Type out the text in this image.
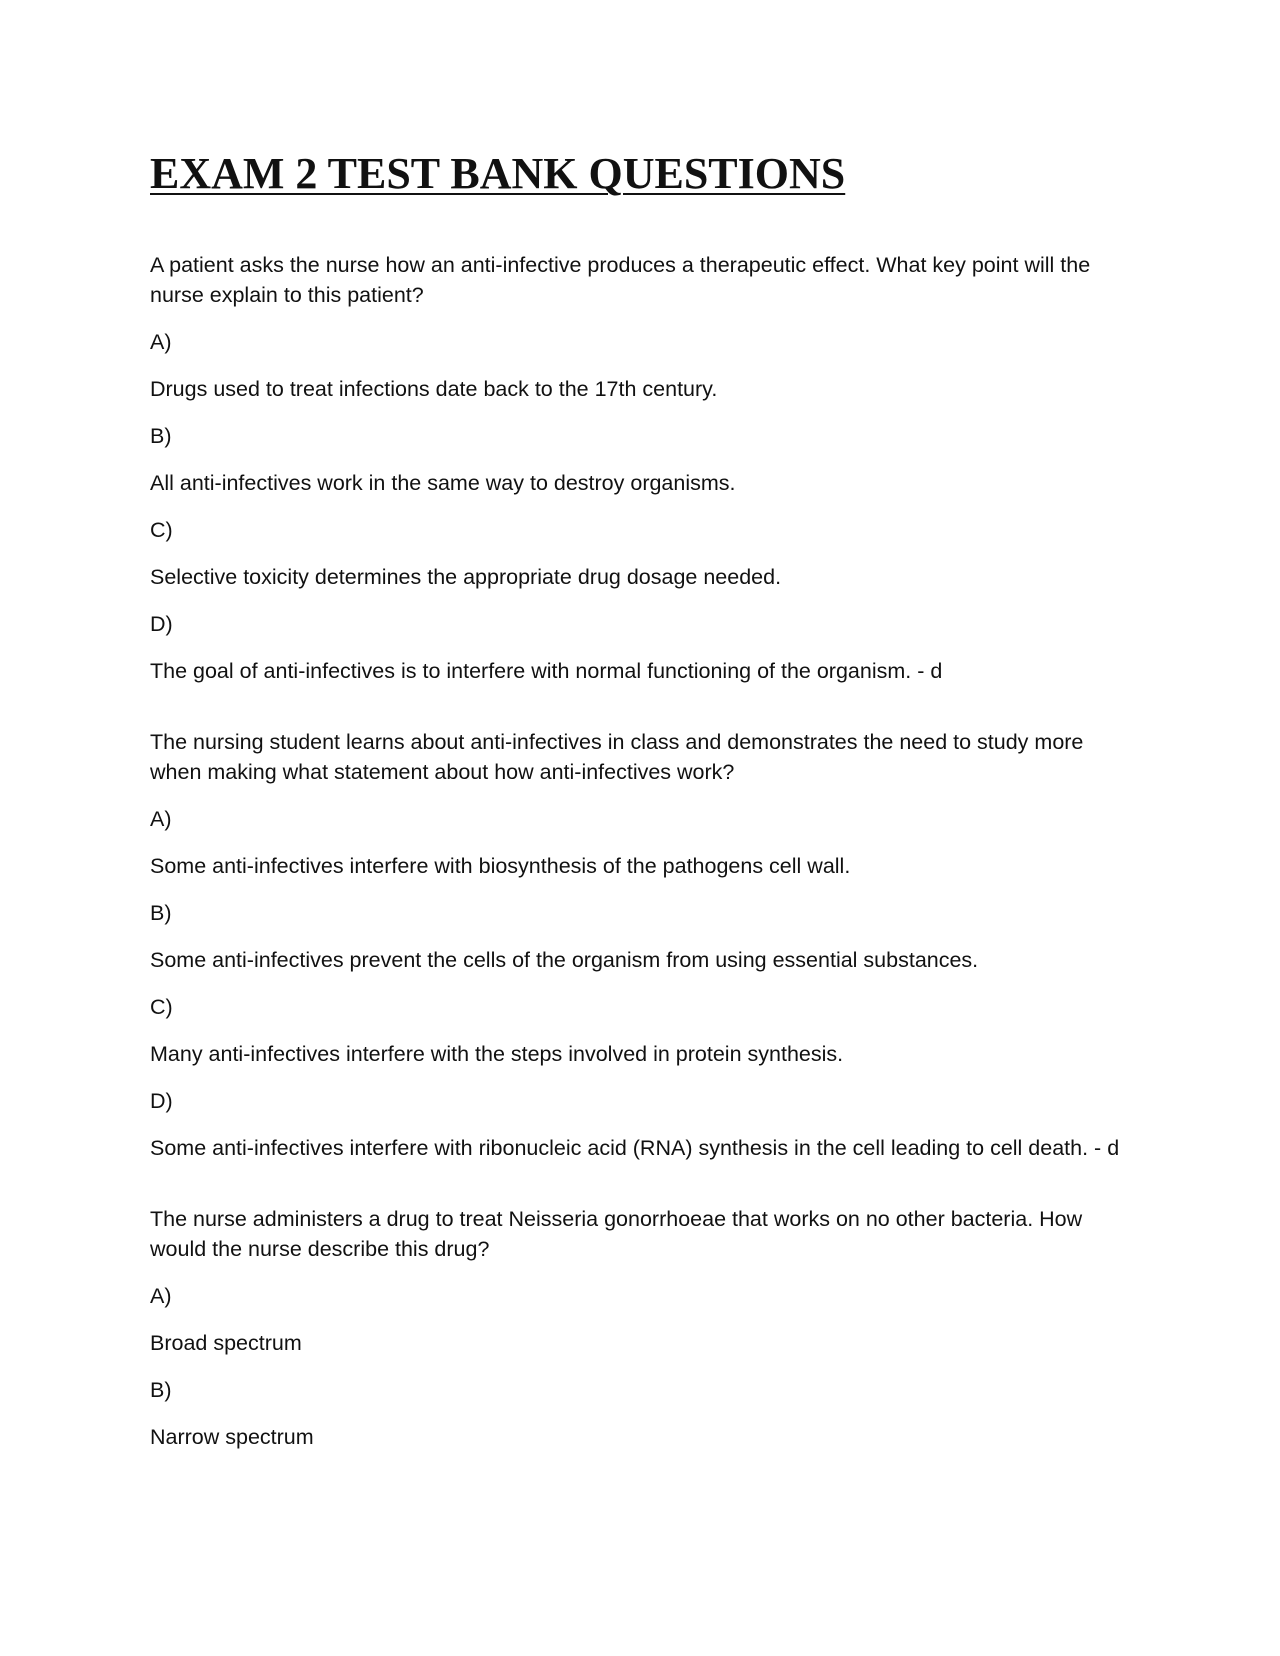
EXAM 2 TEST BANK QUESTIONS

A patient asks the nurse how an anti-infective produces a therapeutic effect. What key point will the nurse explain to this patient?

A)

Drugs used to treat infections date back to the 17th century.

B)

All anti-infectives work in the same way to destroy organisms.

C)

Selective toxicity determines the appropriate drug dosage needed.

D)

The goal of anti-infectives is to interfere with normal functioning of the organism. - d

The nursing student learns about anti-infectives in class and demonstrates the need to study more when making what statement about how anti-infectives work?

A)

Some anti-infectives interfere with biosynthesis of the pathogens cell wall.

B)

Some anti-infectives prevent the cells of the organism from using essential substances.

C)

Many anti-infectives interfere with the steps involved in protein synthesis.

D)

Some anti-infectives interfere with ribonucleic acid (RNA) synthesis in the cell leading to cell death. - d

The nurse administers a drug to treat Neisseria gonorrhoeae that works on no other bacteria. How would the nurse describe this drug?

A)

Broad spectrum

B)

Narrow spectrum
